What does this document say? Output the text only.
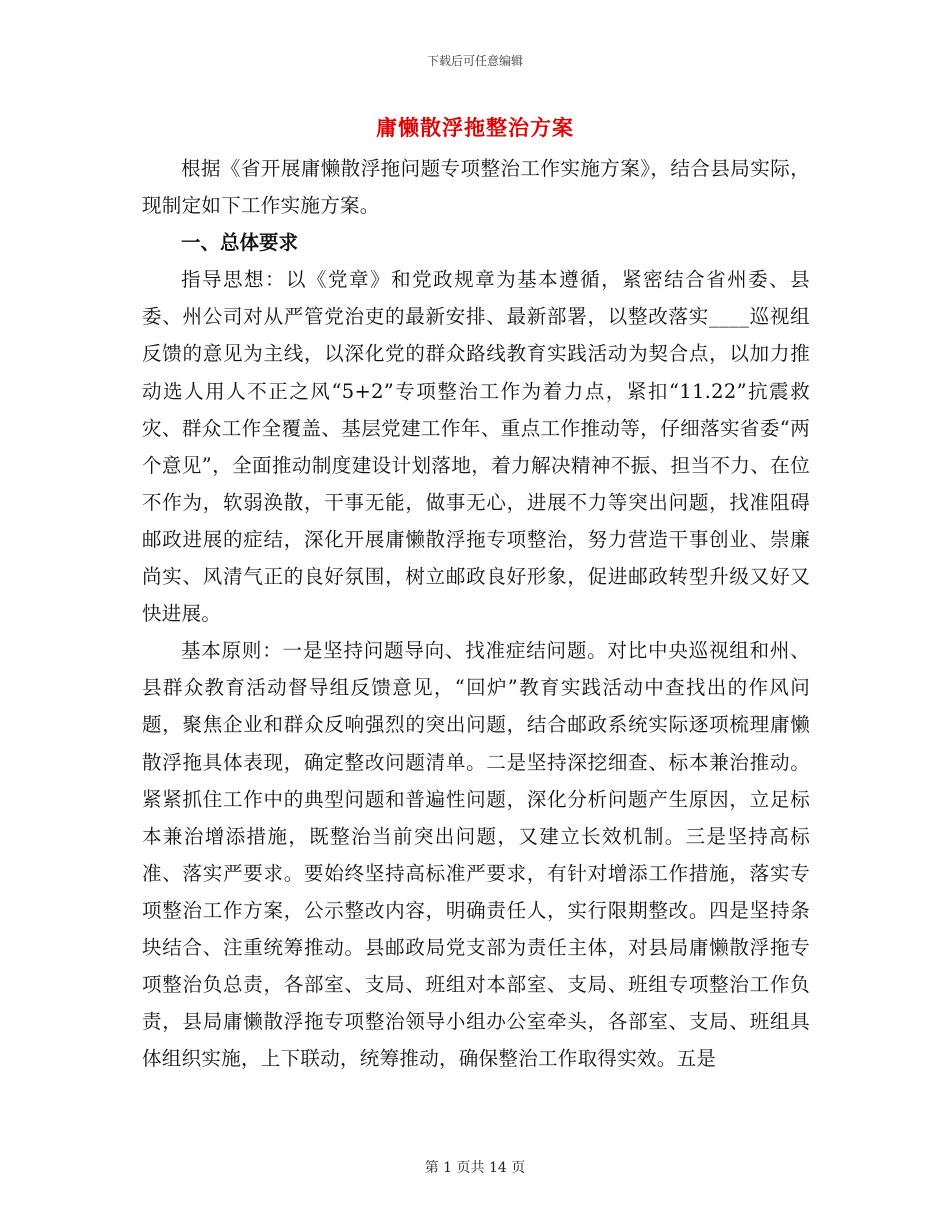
下载后可任意编辑
庸懒散浮拖整治方案

根据《省开展庸懒散浮拖问题专项整治工作实施方案》，结合县局实际，现制定如下工作实施方案。

一、总体要求

指导思想：以《党章》和党政规章为基本遵循，紧密结合省州委、县委、州公司对从严管党治吏的最新安排、最新部署，以整改落实____巡视组反馈的意见为主线，以深化党的群众路线教育实践活动为契合点，以加力推动选人用人不正之风“5+2”专项整治工作为着力点，紧扣“11.22”抗震救灾、群众工作全覆盖、基层党建工作年、重点工作推动等，仔细落实省委“两个意见”，全面推动制度建设计划落地，着力解决精神不振、担当不力、在位不作为，软弱涣散，干事无能，做事无心，进展不力等突出问题，找准阻碍邮政进展的症结，深化开展庸懒散浮拖专项整治，努力营造干事创业、崇廉尚实、风清气正的良好氛围，树立邮政良好形象，促进邮政转型升级又好又快进展。

基本原则：一是坚持问题导向、找准症结问题。对比中央巡视组和州、县群众教育活动督导组反馈意见，“回炉”教育实践活动中查找出的作风问题，聚焦企业和群众反响强烈的突出问题，结合邮政系统实际逐项梳理庸懒散浮拖具体表现，确定整改问题清单。二是坚持深挖细查、标本兼治推动。紧紧抓住工作中的典型问题和普遍性问题，深化分析问题产生原因，立足标本兼治增添措施，既整治当前突出问题，又建立长效机制。三是坚持高标准、落实严要求。要始终坚持高标准严要求，有针对增添工作措施，落实专项整治工作方案，公示整改内容，明确责任人，实行限期整改。四是坚持条块结合、注重统筹推动。县邮政局党支部为责任主体，对县局庸懒散浮拖专项整治负总责，各部室、支局、班组对本部室、支局、班组专项整治工作负责，县局庸懒散浮拖专项整治领导小组办公室牵头，各部室、支局、班组具体组织实施，上下联动，统筹推动，确保整治工作取得实效。五是

第 1 页共 14 页
